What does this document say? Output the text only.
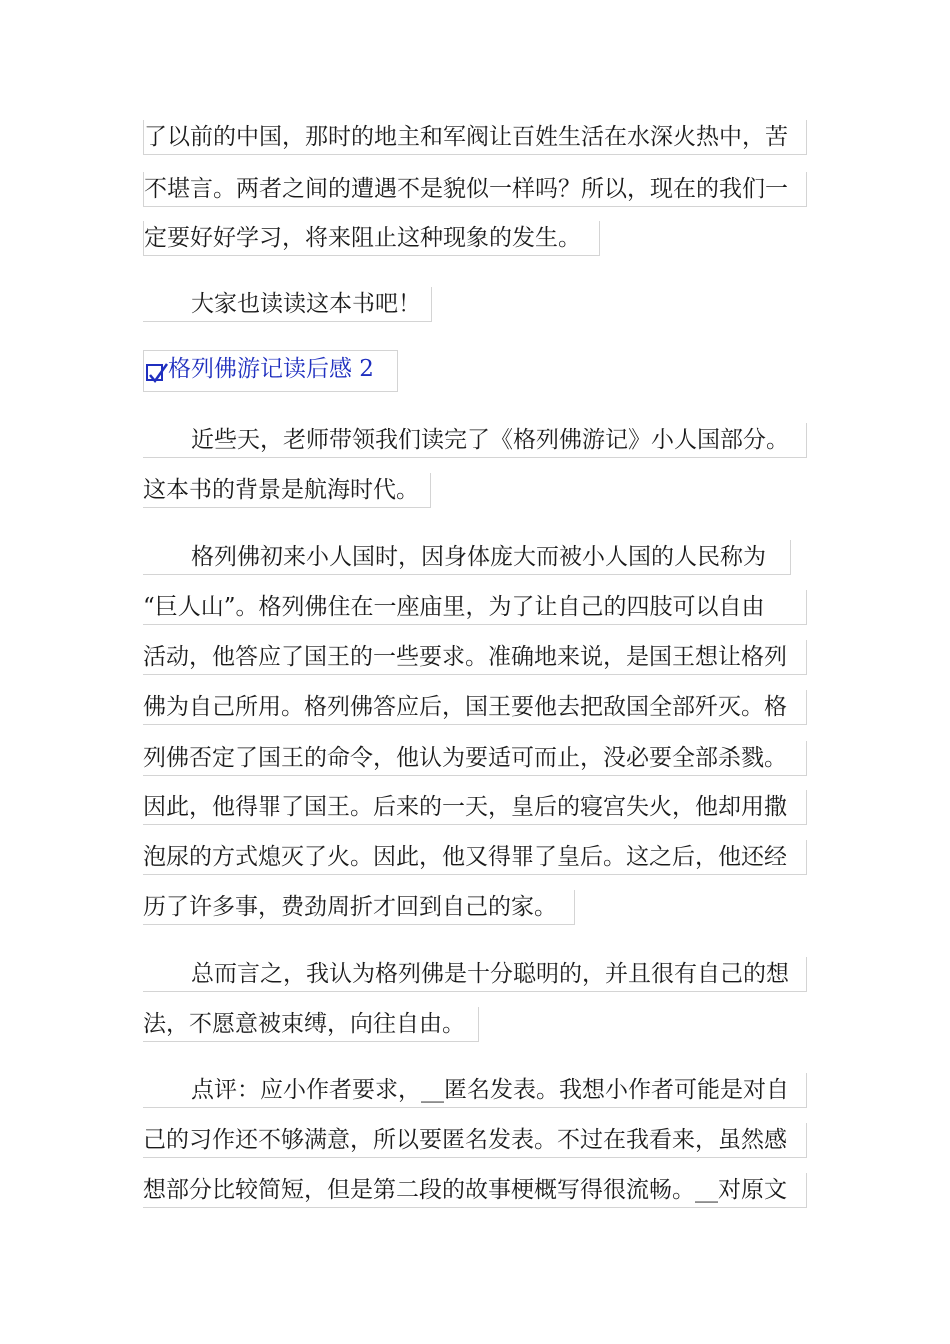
了以前的中国，那时的地主和军阀让百姓生活在水深火热中，苦
不堪言。两者之间的遭遇不是貌似一样吗？所以，现在的我们一
定要好好学习，将来阻止这种现象的发生。
大家也读读这本书吧！
格列佛游记读后感 2
近些天，老师带领我们读完了《格列佛游记》小人国部分。
这本书的背景是航海时代。
格列佛初来小人国时，因身体庞大而被小人国的人民称为
“巨人山”。格列佛住在一座庙里，为了让自己的四肢可以自由
活动，他答应了国王的一些要求。准确地来说，是国王想让格列
佛为自己所用。格列佛答应后，国王要他去把敌国全部歼灭。格
列佛否定了国王的命令，他认为要适可而止，没必要全部杀戮。
因此，他得罪了国王。后来的一天，皇后的寝宫失火，他却用撒
泡尿的方式熄灭了火。因此，他又得罪了皇后。这之后，他还经
历了许多事，费劲周折才回到自己的家。
总而言之，我认为格列佛是十分聪明的，并且很有自己的想
法，不愿意被束缚，向往自由。
点评：应小作者要求，__匿名发表。我想小作者可能是对自
己的习作还不够满意，所以要匿名发表。不过在我看来，虽然感
想部分比较简短，但是第二段的故事梗概写得很流畅。__对原文
